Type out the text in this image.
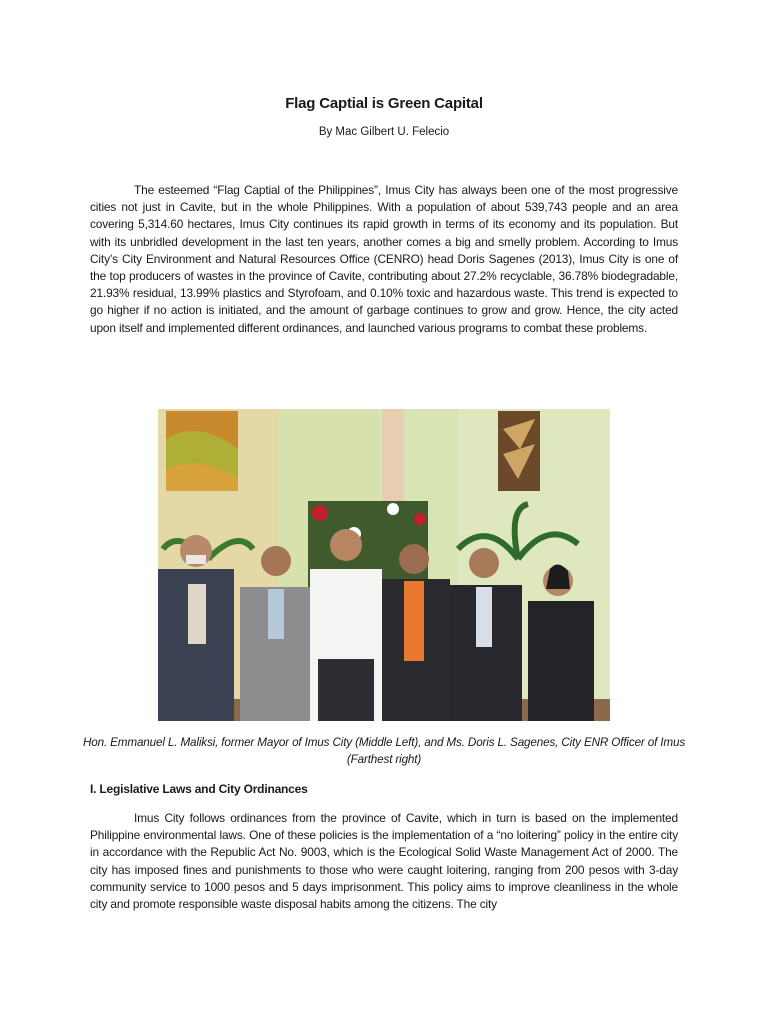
Flag Captial is Green Capital
By Mac Gilbert U. Felecio

The esteemed “Flag Captial of the Philippines”, Imus City has always been one of the most progressive cities not just in Cavite, but in the whole Philippines. With a population of about 539,743 people and an area covering 5,314.60 hectares, Imus City continues its rapid growth in terms of its economy and its population. But with its unbridled development in the last ten years, another comes a big and smelly problem. According to Imus City’s City Environment and Natural Resources Office (CENRO) head Doris Sagenes (2013), Imus City is one of the top producers of wastes in the province of Cavite, contributing about 27.2% recyclable, 36.78% biodegradable, 21.93% residual, 13.99% plastics and Styrofoam, and 0.10% toxic and hazardous waste. This trend is expected to go higher if no action is initiated, and the amount of garbage continues to grow and grow. Hence, the city acted upon itself and implemented different ordinances, and launched various programs to combat these problems.

Hon. Emmanuel L. Maliksi, former Mayor of Imus City (Middle Left), and Ms. Doris L. Sagenes, City ENR Officer of Imus (Farthest right)
I. Legislative Laws and City Ordinances

Imus City follows ordinances from the province of Cavite, which in turn is based on the implemented Philippine environmental laws. One of these policies is the implementation of a “no loitering” policy in the entire city in accordance with the Republic Act No. 9003, which is the Ecological Solid Waste Management Act of 2000. The city has imposed fines and punishments to those who were caught loitering, ranging from 200 pesos with 3-day community service to 1000 pesos and 5 days imprisonment. This policy aims to improve cleanliness in the whole city and promote responsible waste disposal habits among the citizens. The city
